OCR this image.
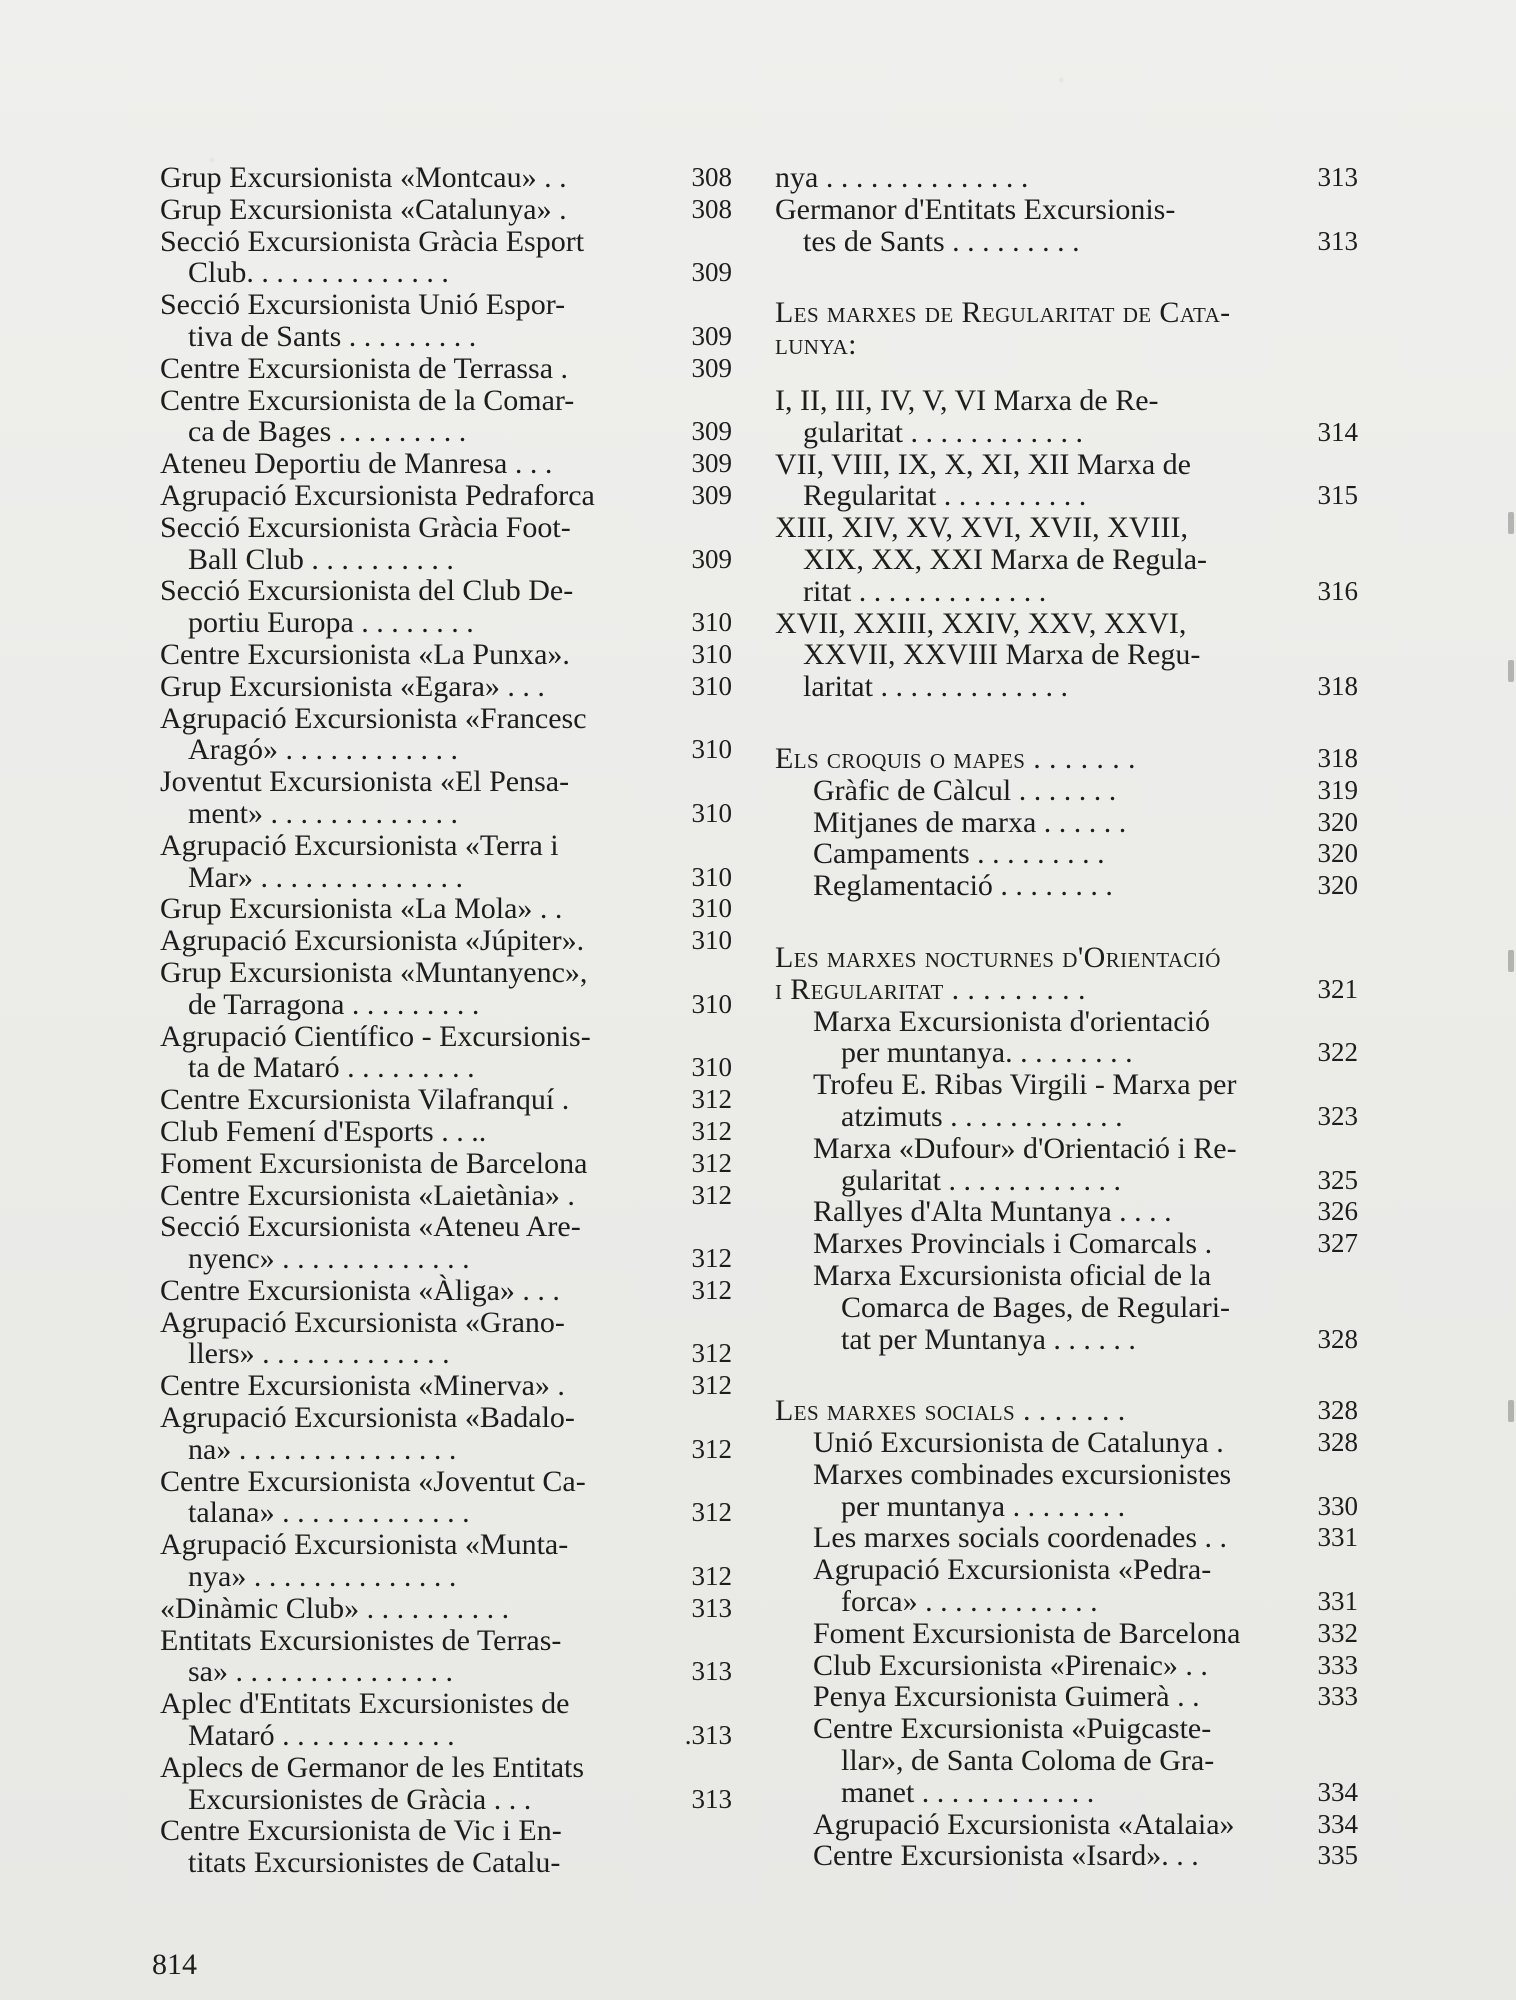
Grup Excursionista «Montcau» . .	308
Grup Excursionista «Catalunya» .	308
Secció Excursionista Gràcia Esport
Club. . . . . . . . . . . . . .	309
Secció Excursionista Unió Espor-
tiva de Sants . . . . . . . . .	309
Centre Excursionista de Terrassa .	309
Centre Excursionista de la Comar-
ca de Bages . . . . . . . . .	309
Ateneu Deportiu de Manresa . . .	309
Agrupació Excursionista Pedraforca	309
Secció Excursionista Gràcia Foot-
Ball Club . . . . . . . . . .	309
Secció Excursionista del Club De-
portiu Europa . . . . . . . .	310
Centre Excursionista «La Punxa».	310
Grup Excursionista «Egara» . . .	310
Agrupació Excursionista «Francesc
Aragó» . . . . . . . . . . . .	310
Joventut Excursionista «El Pensa-
ment» . . . . . . . . . . . . .	310
Agrupació Excursionista «Terra i
Mar» . . . . . . . . . . . . . .	310
Grup Excursionista «La Mola» . .	310
Agrupació Excursionista «Júpiter».	310
Grup Excursionista «Muntanyenc»,
de Tarragona . . . . . . . . .	310
Agrupació Científico - Excursionis-
ta de Mataró . . . . . . . . .	310
Centre Excursionista Vilafranquí .	312
Club Femení d'Esports . . ..	312
Foment Excursionista de Barcelona	312
Centre Excursionista «Laietània» .	312
Secció Excursionista «Ateneu Are-
nyenc» . . . . . . . . . . . . .	312
Centre Excursionista «Àliga» . . .	312
Agrupació Excursionista «Grano-
llers» . . . . . . . . . . . . .	312
Centre Excursionista «Minerva» .	312
Agrupació Excursionista «Badalo-
na» . . . . . . . . . . . . . . .	312
Centre Excursionista «Joventut Ca-
talana» . . . . . . . . . . . . .	312
Agrupació Excursionista «Munta-
nya» . . . . . . . . . . . . . .	312
«Dinàmic Club» . . . . . . . . . .	313
Entitats Excursionistes de Terras-
sa» . . . . . . . . . . . . . . .	313
Aplec d'Entitats Excursionistes de
Mataró . . . . . . . . . . . .	.313
Aplecs de Germanor de les Entitats
Excursionistes de Gràcia . . .	313
Centre Excursionista de Vic i En-
titats Excursionistes de Catalu-
nya . . . . . . . . . . . . . .	313
Germanor d'Entitats Excursionis-
tes de Sants . . . . . . . . .	313
Les marxes de Regularitat de Cata-
lunya:
I, II, III, IV, V, VI Marxa de Re-
gularitat . . . . . . . . . . . .	314
VII, VIII, IX, X, XI, XII Marxa de
Regularitat . . . . . . . . . .	315
XIII, XIV, XV, XVI, XVII, XVIII,
XIX, XX, XXI Marxa de Regula-
ritat . . . . . . . . . . . . .	316
XVII, XXIII, XXIV, XXV, XXVI,
XXVII, XXVIII Marxa de Regu-
laritat . . . . . . . . . . . . .	318
Els croquis o mapes . . . . . . .	318
Gràfic de Càlcul . . . . . . .	319
Mitjanes de marxa . . . . . .	320
Campaments . . . . . . . . .	320
Reglamentació . . . . . . . .	320
Les marxes nocturnes d'Orientació
i Regularitat . . . . . . . . .	321
Marxa Excursionista d'orientació
per muntanya. . . . . . . . .	322
Trofeu E. Ribas Virgili - Marxa per
atzimuts . . . . . . . . . . . .	323
Marxa «Dufour» d'Orientació i Re-
gularitat . . . . . . . . . . . .	325
Rallyes d'Alta Muntanya . . . .	326
Marxes Provincials i Comarcals .	327
Marxa Excursionista oficial de la
Comarca de Bages, de Regulari-
tat per Muntanya . . . . . .	328
Les marxes socials . . . . . . .	328
Unió Excursionista de Catalunya .	328
Marxes combinades excursionistes
per muntanya . . . . . . . .	330
Les marxes socials coordenades . .	331
Agrupació Excursionista «Pedra-
forca» . . . . . . . . . . . .	331
Foment Excursionista de Barcelona	332
Club Excursionista «Pirenaic» . .	333
Penya Excursionista Guimerà . .	333
Centre Excursionista «Puigcaste-
llar», de Santa Coloma de Gra-
manet . . . . . . . . . . . .	334
Agrupació Excursionista «Atalaia»	334
Centre Excursionista «Isard». . .	335
814
